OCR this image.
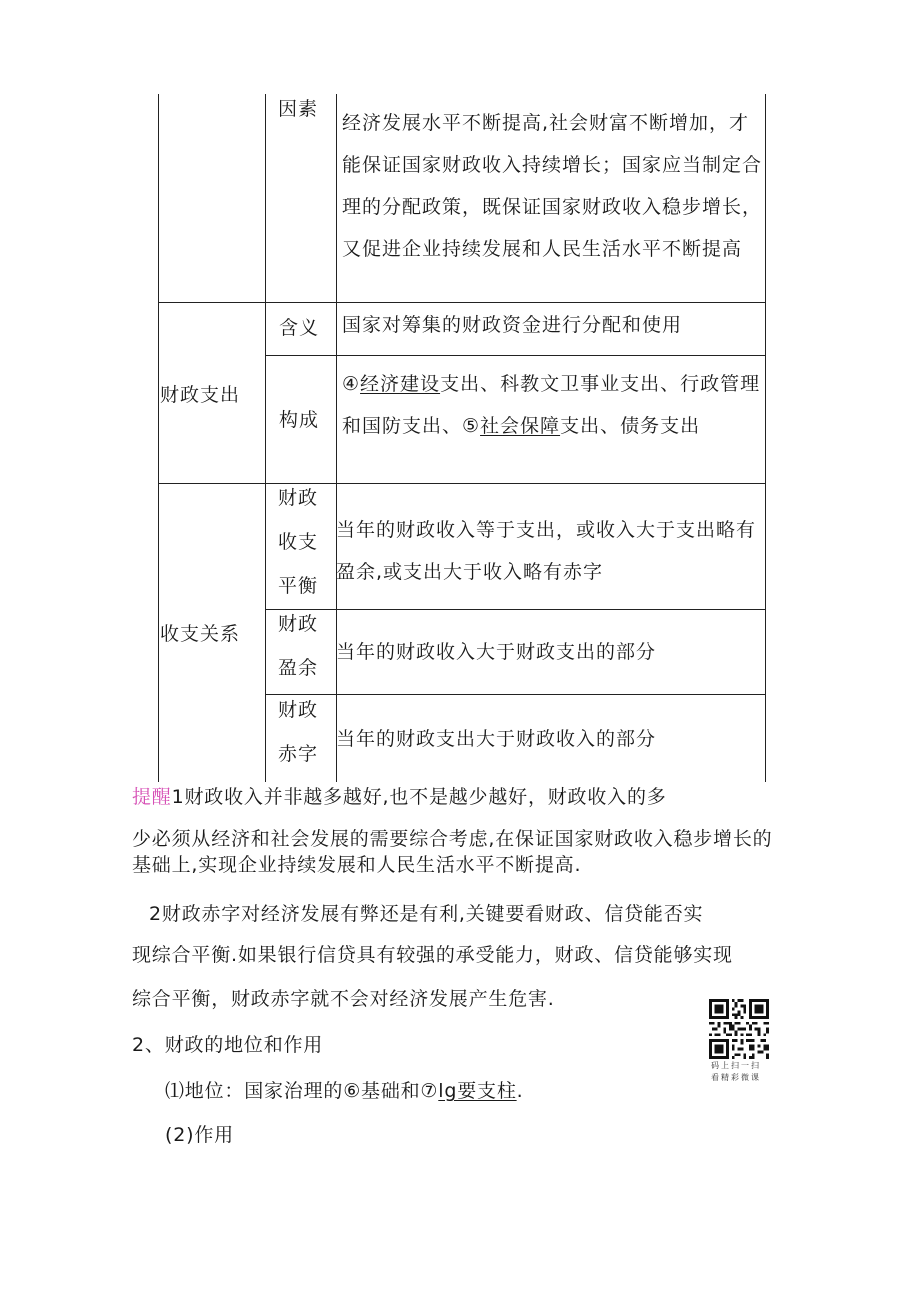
因素
经济发展水平不断提高,社会财富不断增加，才
能保证国家财政收入持续增长；国家应当制定合
理的分配政策，既保证国家财政收入稳步增长，
又促进企业持续发展和人民生活水平不断提高
财政支出
含义 国家对筹集的财政资金进行分配和使用
构成
④经济建设支出、科教文卫事业支出、行政管理
和国防支出、⑤社会保障支出、债务支出
收支关系
财政
收支
平衡
当年的财政收入等于支出，或收入大于支出略有
盈余,或支出大于收入略有赤字
财政
盈余
当年的财政收入大于财政支出的部分
财政
赤字
当年的财政支出大于财政收入的部分
提醒1财政收入并非越多越好,也不是越少越好，财政收入的多
少必须从经济和社会发展的需要综合考虑,在保证国家财政收入稳步增长的
基础上,实现企业持续发展和人民生活水平不断提高.
2财政赤字对经济发展有弊还是有利,关键要看财政、信贷能否实
现综合平衡.如果银行信贷具有较强的承受能力，财政、信贷能够实现
综合平衡，财政赤字就不会对经济发展产生危害.
2、财政的地位和作用
⑴地位：国家治理的⑥基础和⑦lg要支柱.
(2)作用
码上扫一扫
看精彩微课
